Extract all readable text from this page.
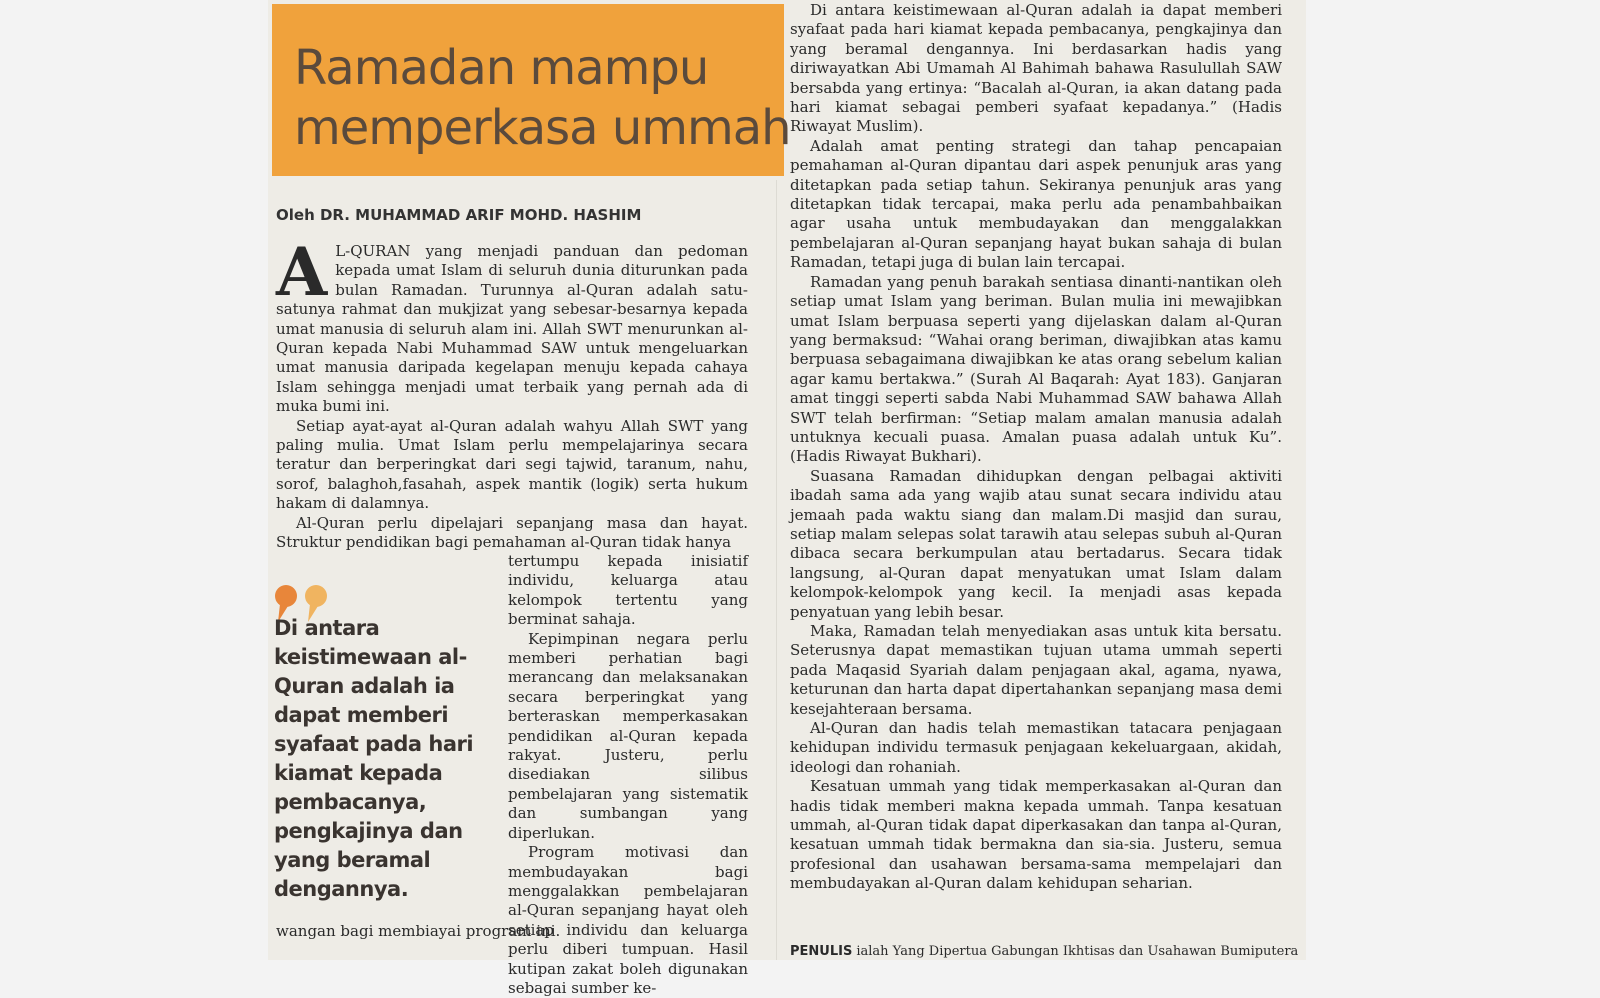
Ramadan mampu
memperkasa ummah

Oleh DR. MUHAMMAD ARIF MOHD. HASHIM

A L-QURAN yang menjadi panduan dan pedoman kepada umat Islam di seluruh dunia diturunkan pada bulan Ramadan. Turunnya al-Quran adalah satu-satunya rahmat dan mukjizat yang sebesar-besarnya kepada umat manusia di seluruh alam ini. Allah SWT menurunkan al-Quran kepada Nabi Muhammad SAW untuk mengeluarkan umat manusia daripada kegelapan menuju kepada cahaya Islam sehingga menjadi umat terbaik yang pernah ada di muka bumi ini.

Setiap ayat-ayat al-Quran adalah wahyu Allah SWT yang paling mulia. Umat Islam perlu mempelajarinya secara teratur dan berperingkat dari segi tajwid, taranum, nahu, sorof, balaghoh,fasahah, aspek mantik (logik) serta hukum hakam di dalamnya.

Al-Quran perlu dipelajari sepanjang masa dan hayat. Struktur pendidikan bagi pemahaman al-Quran tidak hanya

Di antara keistimewaan al-Quran adalah ia dapat memberi syafaat pada hari kiamat kepada pembacanya, pengkajinya dan yang beramal dengannya.

tertumpu kepada inisiatif individu, keluarga atau kelompok tertentu yang berminat sahaja.

Kepimpinan negara perlu memberi perhatian bagi merancang dan melaksanakan secara berperingkat yang berteraskan memperkasakan pendidikan al-Quran kepada rakyat. Justeru, perlu disediakan silibus pembelajaran yang sistematik dan sumbangan yang diperlukan.

Program motivasi dan membudayakan bagi menggalakkan pembelajaran al-Quran sepanjang hayat oleh setiap individu dan keluarga perlu diberi tumpuan. Hasil kutipan zakat boleh digunakan sebagai sumber ke-

wangan bagi membiayai program ini.

Di antara keistimewaan al-Quran adalah ia dapat memberi syafaat pada hari kiamat kepada pembacanya, pengkajinya dan yang beramal dengannya. Ini berdasarkan hadis yang diriwayatkan Abi Umamah Al Bahimah bahawa Rasulullah SAW bersabda yang ertinya: “Bacalah al-Quran, ia akan datang pada hari kiamat sebagai pemberi syafaat kepadanya.” (Hadis Riwayat Muslim).

Adalah amat penting strategi dan tahap pencapaian pemahaman al-Quran dipantau dari aspek penunjuk aras yang ditetapkan pada setiap tahun. Sekiranya penunjuk aras yang ditetapkan tidak tercapai, maka perlu ada penambahbaikan agar usaha untuk membudayakan dan menggalakkan pembelajaran al-Quran sepanjang hayat bukan sahaja di bulan Ramadan, tetapi juga di bulan lain tercapai.

Ramadan yang penuh barakah sentiasa dinanti-nantikan oleh setiap umat Islam yang beriman. Bulan mulia ini mewajibkan umat Islam berpuasa seperti yang dijelaskan dalam al-Quran yang bermaksud: “Wahai orang beriman, diwajibkan atas kamu berpuasa sebagaimana diwajibkan ke atas orang sebelum kalian agar kamu bertakwa.” (Surah Al Baqarah: Ayat 183). Ganjaran amat tinggi seperti sabda Nabi Muhammad SAW bahawa Allah SWT telah berfirman: “Setiap malam amalan manusia adalah untuknya kecuali puasa. Amalan puasa adalah untuk Ku”. (Hadis Riwayat Bukhari).

Suasana Ramadan dihidupkan dengan pelbagai aktiviti ibadah sama ada yang wajib atau sunat secara individu atau jemaah pada waktu siang dan malam.Di masjid dan surau, setiap malam selepas solat tarawih atau selepas subuh al-Quran dibaca secara berkumpulan atau bertadarus. Secara tidak langsung, al-Quran dapat menyatukan umat Islam dalam kelompok-kelompok yang kecil. Ia menjadi asas kepada penyatuan yang lebih besar.

Maka, Ramadan telah menyediakan asas untuk kita bersatu. Seterusnya dapat memastikan tujuan utama ummah seperti pada Maqasid Syariah dalam penjagaan akal, agama, nyawa, keturunan dan harta dapat dipertahankan sepanjang masa demi kesejahteraan bersama.

Al-Quran dan hadis telah memastikan tatacara penjagaan kehidupan individu termasuk penjagaan kekeluargaan, akidah, ideologi dan rohaniah.

Kesatuan ummah yang tidak memperkasakan al-Quran dan hadis tidak memberi makna kepada ummah. Tanpa kesatuan ummah, al-Quran tidak dapat diperkasakan dan tanpa al-Quran, kesatuan ummah tidak bermakna dan sia-sia. Justeru, semua profesional dan usahawan bersama-sama mempelajari dan membudayakan al-Quran dalam kehidupan seharian.

PENULIS ialah Yang Dipertua Gabungan Ikhtisas dan Usahawan Bumiputera
